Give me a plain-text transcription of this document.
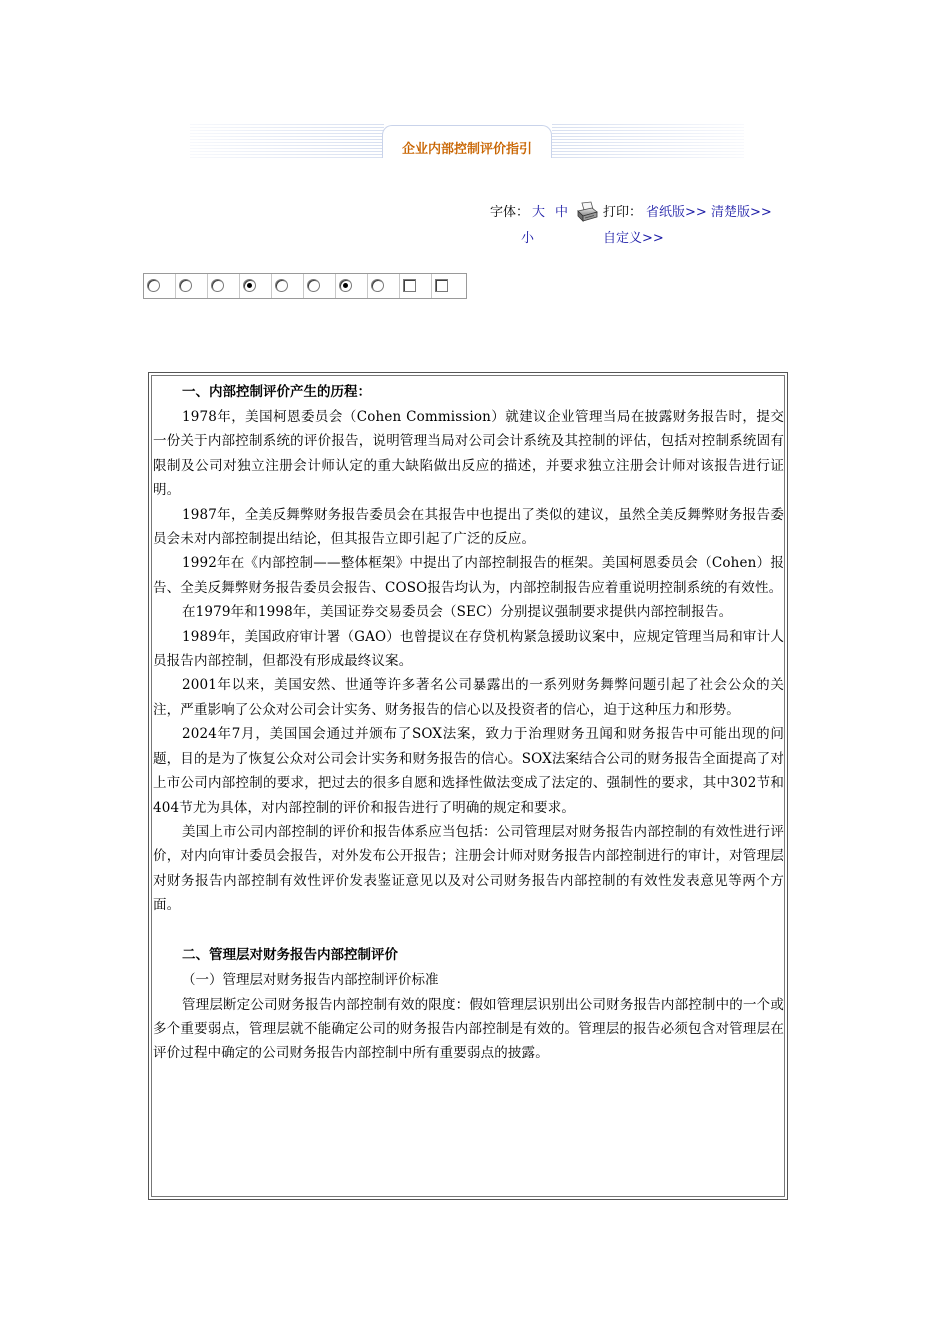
企业内部控制评价指引
字体： 大 中
小
打印： 省纸版>> 清楚版>>
自定义>>
一、内部控制评价产生的历程：
1978年，美国柯恩委员会（Cohen Commission）就建议企业管理当局在披露财务报告时，提交一份关于内部控制系统的评价报告，说明管理当局对公司会计系统及其控制的评估，包括对控制系统固有限制及公司对独立注册会计师认定的重大缺陷做出反应的描述，并要求独立注册会计师对该报告进行证明。
1987年，全美反舞弊财务报告委员会在其报告中也提出了类似的建议，虽然全美反舞弊财务报告委员会未对内部控制提出结论，但其报告立即引起了广泛的反应。
1992年在《内部控制——整体框架》中提出了内部控制报告的框架。美国柯恩委员会（Cohen）报告、全美反舞弊财务报告委员会报告、COSO报告均认为，内部控制报告应着重说明控制系统的有效性。
在1979年和1998年，美国证券交易委员会（SEC）分别提议强制要求提供内部控制报告。
1989年，美国政府审计署（GAO）也曾提议在存贷机构紧急援助议案中，应规定管理当局和审计人员报告内部控制，但都没有形成最终议案。
2001年以来，美国安然、世通等许多著名公司暴露出的一系列财务舞弊问题引起了社会公众的关注，严重影响了公众对公司会计实务、财务报告的信心以及投资者的信心，迫于这种压力和形势。
2024年7月，美国国会通过并颁布了SOX法案，致力于治理财务丑闻和财务报告中可能出现的问题，目的是为了恢复公众对公司会计实务和财务报告的信心。SOX法案结合公司的财务报告全面提高了对上市公司内部控制的要求，把过去的很多自愿和选择性做法变成了法定的、强制性的要求，其中302节和404节尤为具体，对内部控制的评价和报告进行了明确的规定和要求。
美国上市公司内部控制的评价和报告体系应当包括：公司管理层对财务报告内部控制的有效性进行评价，对内向审计委员会报告，对外发布公开报告；注册会计师对财务报告内部控制进行的审计，对管理层对财务报告内部控制有效性评价发表鉴证意见以及对公司财务报告内部控制的有效性发表意见等两个方面。
二、管理层对财务报告内部控制评价
（一）管理层对财务报告内部控制评价标准
管理层断定公司财务报告内部控制有效的限度：假如管理层识别出公司财务报告内部控制中的一个或多个重要弱点，管理层就不能确定公司的财务报告内部控制是有效的。管理层的报告必须包含对管理层在评价过程中确定的公司财务报告内部控制中所有重要弱点的披露。
